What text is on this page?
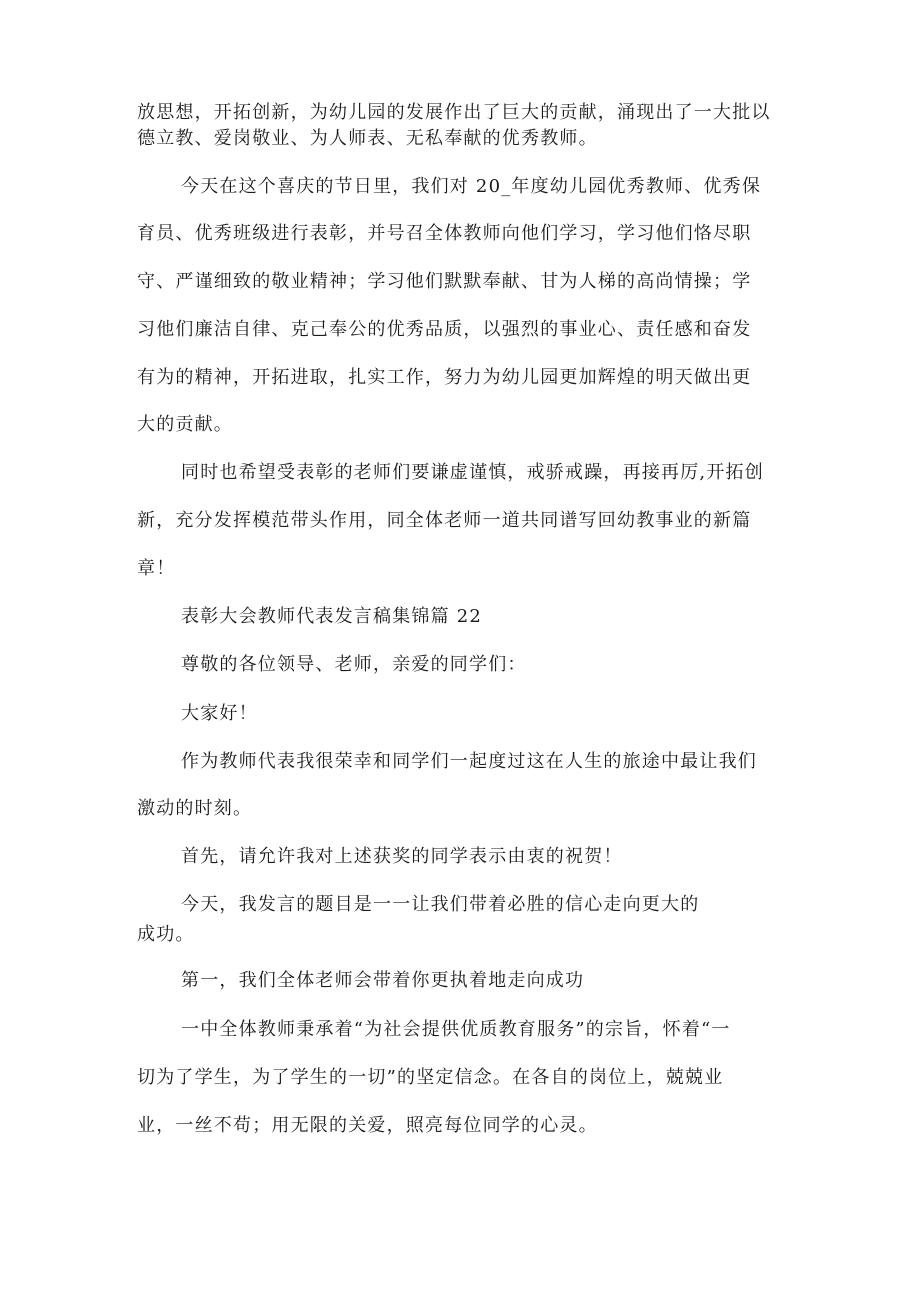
放思想，开拓创新，为幼儿园的发展作出了巨大的贡献，涌现出了一大批以

德立教、爱岗敬业、为人师表、无私奉献的优秀教师。

今天在这个喜庆的节日里，我们对 20_年度幼儿园优秀教师、优秀保

育员、优秀班级进行表彰，并号召全体教师向他们学习，学习他们恪尽职

守、严谨细致的敬业精神；学习他们默默奉献、甘为人梯的高尚情操；学

习他们廉洁自律、克己奉公的优秀品质，以强烈的事业心、责任感和奋发

有为的精神，开拓进取，扎实工作，努力为幼儿园更加辉煌的明天做出更

大的贡献。

同时也希望受表彰的老师们要谦虚谨慎，戒骄戒躁，再接再厉,开拓创

新，充分发挥模范带头作用，同全体老师一道共同谱写回幼教事业的新篇

章！

表彰大会教师代表发言稿集锦篇 22

尊敬的各位领导、老师，亲爱的同学们：

大家好！

作为教师代表我很荣幸和同学们一起度过这在人生的旅途中最让我们

激动的时刻。

首先，请允许我对上述获奖的同学表示由衷的祝贺！

今天，我发言的题目是一一让我们带着必胜的信心走向更大的

成功。

第一，我们全体老师会带着你更执着地走向成功

一中全体教师秉承着“为社会提供优质教育服务”的宗旨，怀着“一

切为了学生，为了学生的一切”的坚定信念。在各自的岗位上，兢兢业

业，一丝不苟；用无限的关爱，照亮每位同学的心灵。
